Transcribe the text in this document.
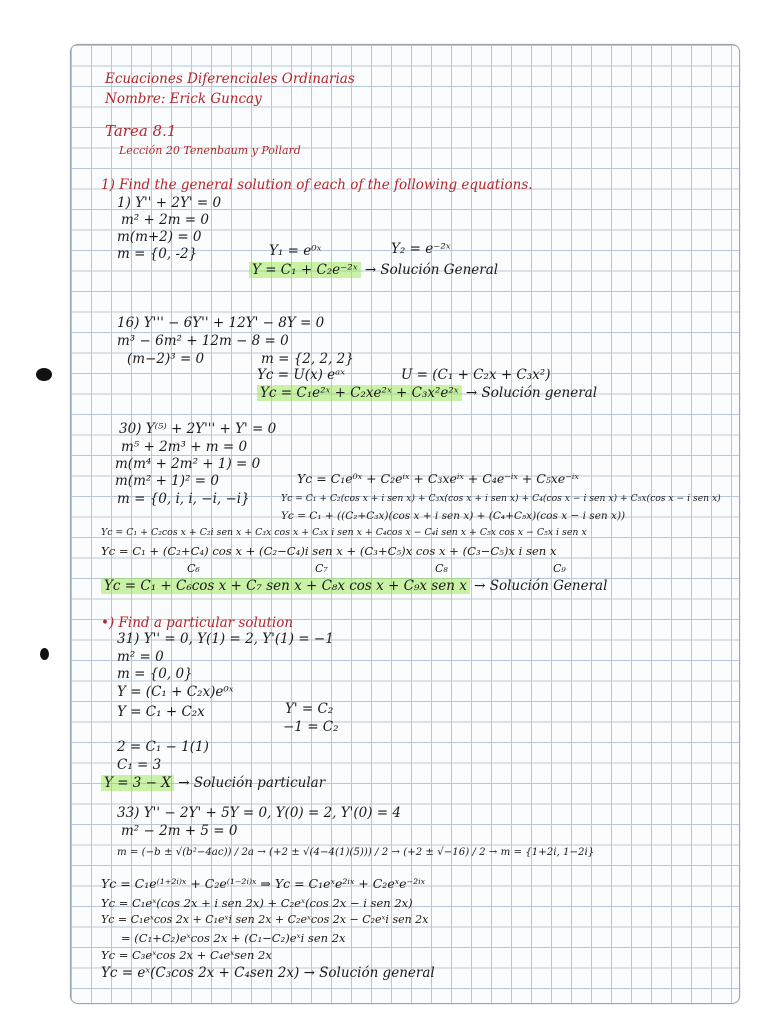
Ecuaciones Diferenciales Ordinarias
Nombre: Erick Guncay
Tarea 8.1
Lección 20 Tenenbaum y Pollard
1) Find the general solution of each of the following equations.
1) Y'' + 2Y' = 0
m² + 2m = 0
m(m+2) = 0
m = {0, -2}	Y₁ = e⁰ˣ	Y₂ = e⁻²ˣ
Y = C₁ + C₂e⁻²ˣ → Solución General
16) Y''' − 6Y'' + 12Y' − 8Y = 0
m³ − 6m² + 12m − 8 = 0
(m−2)³ = 0	m = {2, 2, 2}
Yc = U(x) eᵃˣ	U = (C₁ + C₂x + C₃x²)
Yc = C₁e²ˣ + C₂xe²ˣ + C₃x²e²ˣ → Solución general
30) Y⁽⁵⁾ + 2Y''' + Y' = 0
m⁵ + 2m³ + m = 0
m(m⁴ + 2m² + 1) = 0
m(m² + 1)² = 0
m = {0, i, i, −i, −i}
Yc = C₁e⁰ˣ + C₂eⁱˣ + C₃xeⁱˣ + C₄e⁻ⁱˣ + C₅xe⁻ⁱˣ
Yc = C₁ + C₂(cos x + i sen x) + C₃x(cos x + i sen x) + C₄(cos x − i sen x) + C₅x(cos x − i sen x)
Yc = C₁ + ((C₂+C₃x)(cos x + i sen x) + (C₄+C₅x)(cos x − i sen x))
Yc = C₁ + C₂cos x + C₂i sen x + C₃x cos x + C₃x i sen x + C₄cos x − C₄i sen x + C₅x cos x − C₅x i sen x
Yc = C₁ + (C₂+C₄) cos x + (C₂−C₄)i sen x + (C₃+C₅)x cos x + (C₃−C₅)x i sen x
C₆	C₇	C₈	C₉
Yc = C₁ + C₆cos x + C₇ sen x + C₈x cos x + C₉x sen x → Solución General
•) Find a particular solution
31) Y'' = 0, Y(1) = 2, Y'(1) = −1
m² = 0
m = {0, 0}
Y = (C₁ + C₂x)e⁰ˣ
Y = C₁ + C₂x	Y' = C₂
−1 = C₂
2 = C₁ − 1(1)
C₁ = 3
Y = 3 − X → Solución particular
33) Y'' − 2Y' + 5Y = 0, Y(0) = 2, Y'(0) = 4
m² − 2m + 5 = 0
m = (−b ± √(b²−4ac)) / 2a → (+2 ± √(4−4(1)(5))) / 2 → (+2 ± √−16) / 2 → m = {1+2i, 1−2i}
Yc = C₁e⁽¹⁺²ⁱ⁾ˣ + C₂e⁽¹⁻²ⁱ⁾ˣ ⇒ Yc = C₁eˣe²ⁱˣ + C₂eˣe⁻²ⁱˣ
Yc = C₁eˣ(cos 2x + i sen 2x) + C₂eˣ(cos 2x − i sen 2x)
Yc = C₁eˣcos 2x + C₁eˣi sen 2x + C₂eˣcos 2x − C₂eˣi sen 2x
= (C₁+C₂)eˣcos 2x + (C₁−C₂)eˣi sen 2x
Yc = C₃eˣcos 2x + C₄eˣsen 2x
Yc = eˣ(C₃cos 2x + C₄sen 2x) → Solución general
